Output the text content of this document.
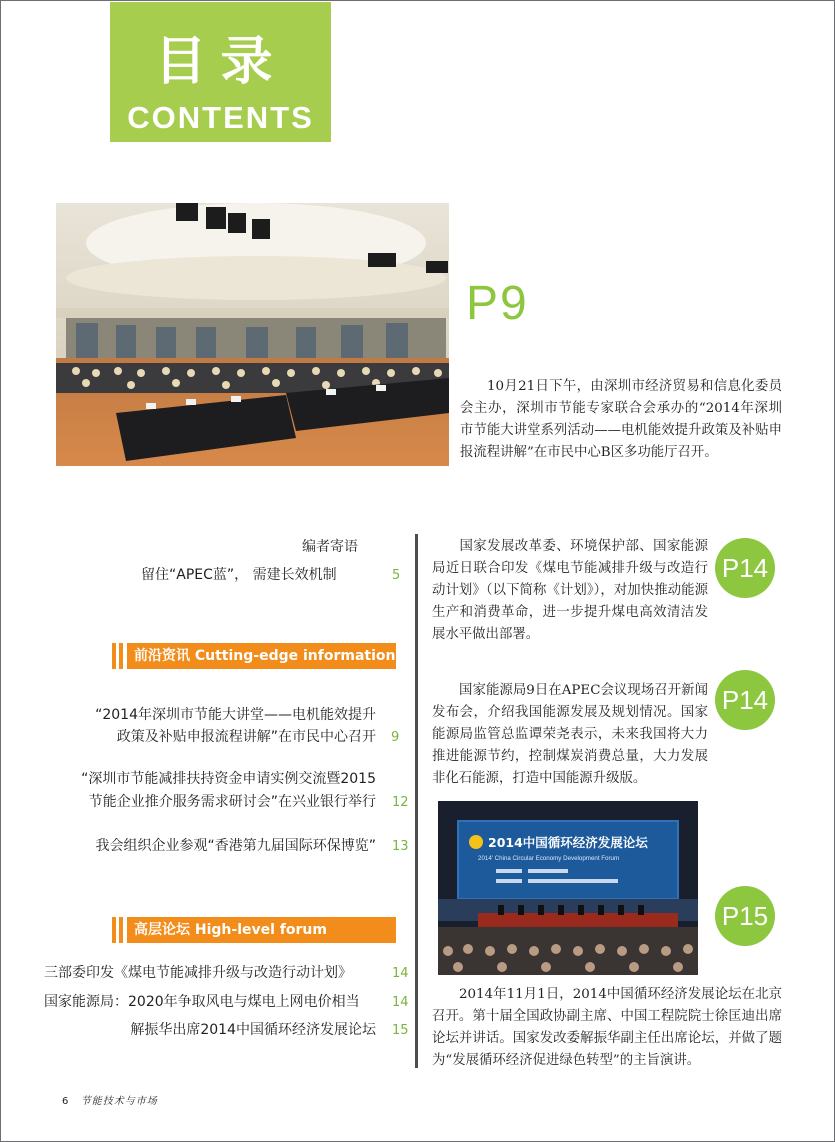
目录
CONTENTS
P9
10月21日下午，由深圳市经济贸易和信息化委员会主办，深圳市节能专家联合会承办的“2014年深圳市节能大讲堂系列活动——电机能效提升政策及补贴申报流程讲解”在市民中心B区多功能厅召开。
编者寄语
留住“APEC蓝”， 需建长效机制	5
前沿资讯 Cutting-edge information
“2014年深圳市节能大讲堂——电机能效提升
政策及补贴申报流程讲解”在市民中心召开 9
“深圳市节能减排扶持资金申请实例交流暨2015
节能企业推介服务需求研讨会”在兴业银行举行 12
我会组织企业参观“香港第九届国际环保博览” 13
高层论坛 High-level forum
三部委印发《煤电节能减排升级与改造行动计划》	14
国家能源局：2020年争取风电与煤电上网电价相当 14
解振华出席2014中国循环经济发展论坛 15
国家发展改革委、环境保护部、国家能源局近日联合印发《煤电节能减排升级与改造行动计划》（以下简称《计划》），对加快推动能源生产和消费革命，进一步提升煤电高效清洁发展水平做出部署。
P14
国家能源局9日在APEC会议现场召开新闻发布会，介绍我国能源发展及规划情况。国家能源局监管总监谭荣尧表示，未来我国将大力推进能源节约，控制煤炭消费总量，大力发展非化石能源，打造中国能源升级版。
P14
2014中国循环经济发展论坛
2014' China Circular Economy Development Forum
P15
2014年11月1日，2014中国循环经济发展论坛在北京召开。第十届全国政协副主席、中国工程院院士徐匡迪出席论坛并讲话。国家发改委解振华副主任出席论坛，并做了题为“发展循环经济促进绿色转型”的主旨演讲。
6 节能技术与市场
